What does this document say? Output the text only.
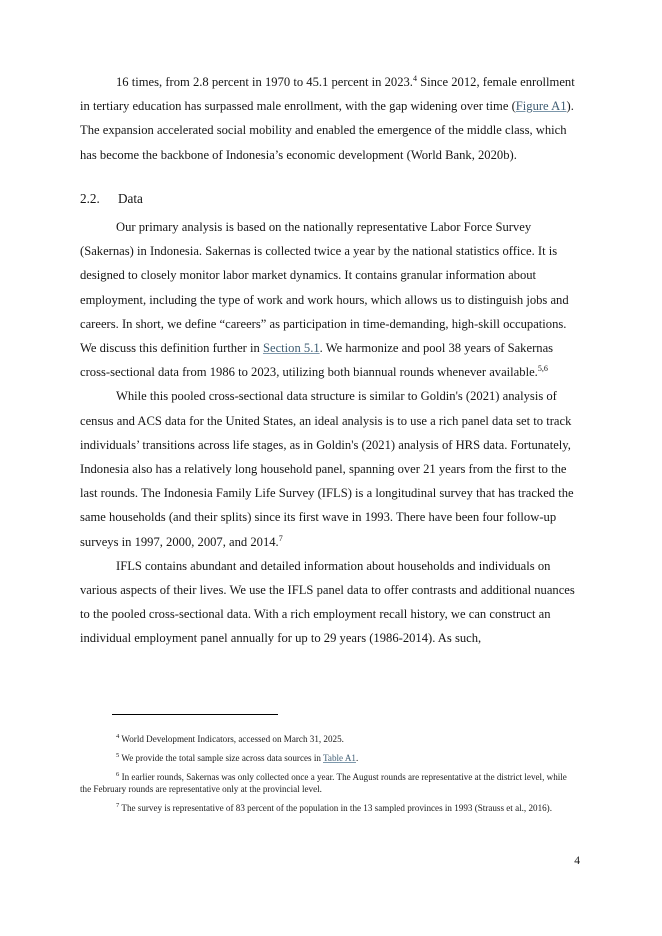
16 times, from 2.8 percent in 1970 to 45.1 percent in 2023.$^4$ Since 2012, female enrollment in tertiary education has surpassed male enrollment, with the gap widening over time (Figure A1). The expansion accelerated social mobility and enabled the emergence of the middle class, which has become the backbone of Indonesia’s economic development (World Bank, 2020b).

2.2. Data

Our primary analysis is based on the nationally representative Labor Force Survey (Sakernas) in Indonesia. Sakernas is collected twice a year by the national statistics office. It is designed to closely monitor labor market dynamics. It contains granular information about employment, including the type of work and work hours, which allows us to distinguish jobs and careers. In short, we define “careers” as participation in time-demanding, high-skill occupations. We discuss this definition further in Section 5.1. We harmonize and pool 38 years of Sakernas cross-sectional data from 1986 to 2023, utilizing both biannual rounds whenever available.$^{5,6}$

While this pooled cross-sectional data structure is similar to Goldin's (2021) analysis of census and ACS data for the United States, an ideal analysis is to use a rich panel data set to track individuals’ transitions across life stages, as in Goldin's (2021) analysis of HRS data. Fortunately, Indonesia also has a relatively long household panel, spanning over 21 years from the first to the last rounds. The Indonesia Family Life Survey (IFLS) is a longitudinal survey that has tracked the same households (and their splits) since its first wave in 1993. There have been four follow-up surveys in 1997, 2000, 2007, and 2014.$^7$

IFLS contains abundant and detailed information about households and individuals on various aspects of their lives. We use the IFLS panel data to offer contrasts and additional nuances to the pooled cross-sectional data. With a rich employment recall history, we can construct an individual employment panel annually for up to 29 years (1986-2014). As such,

$^4$ World Development Indicators, accessed on March 31, 2025.

$^5$ We provide the total sample size across data sources in Table A1.

$^6$ In earlier rounds, Sakernas was only collected once a year. The August rounds are representative at the district level, while the February rounds are representative only at the provincial level.

$^7$ The survey is representative of 83 percent of the population in the 13 sampled provinces in 1993 (Strauss et al., 2016).

4
